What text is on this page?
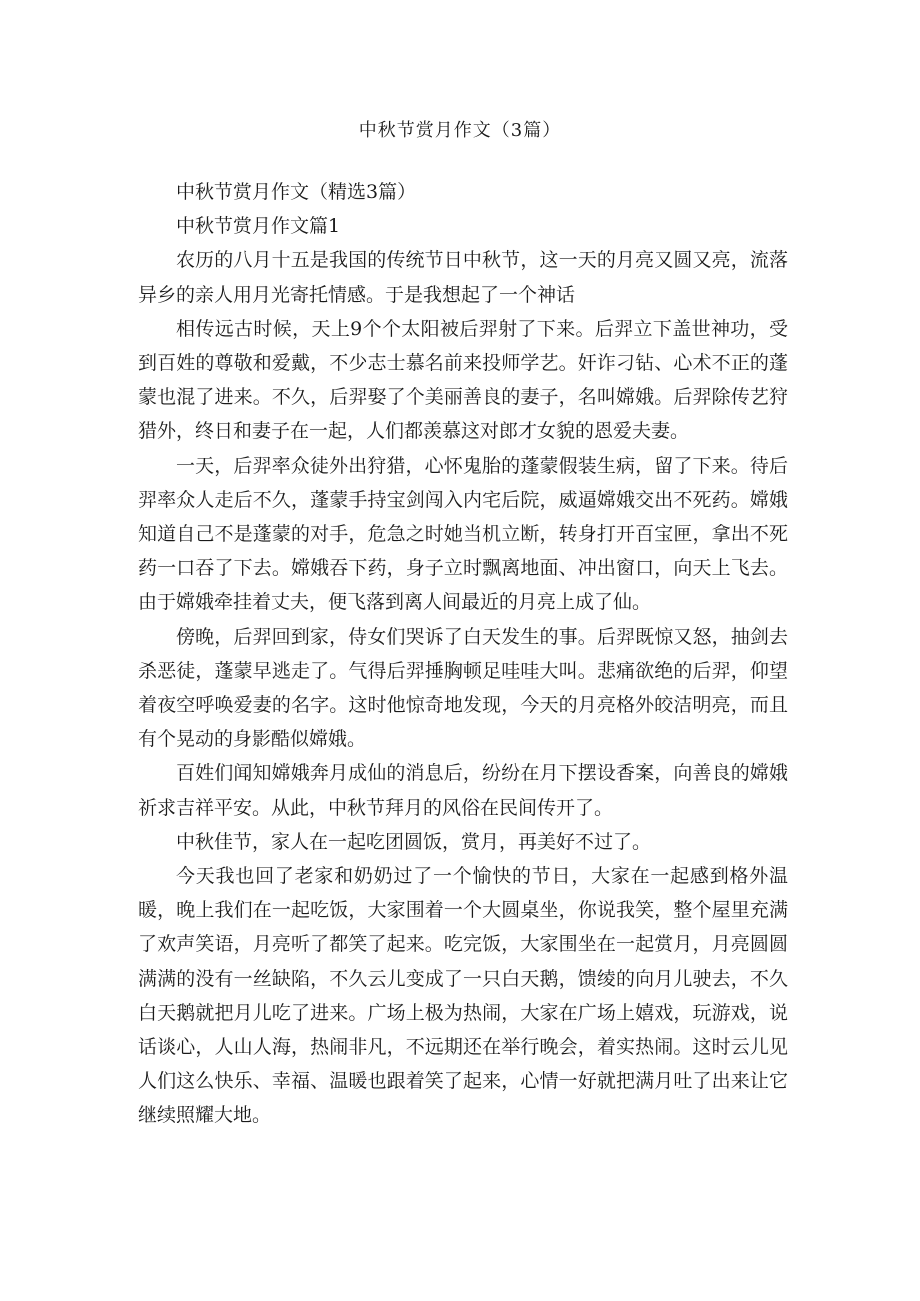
中秋节赏月作文（3篇）

中秋节赏月作文（精选3篇）

中秋节赏月作文篇1

农历的八月十五是我国的传统节日中秋节，这一天的月亮又圆又亮，流落异乡的亲人用月光寄托情感。于是我想起了一个神话

相传远古时候，天上9个个太阳被后羿射了下来。后羿立下盖世神功，受到百姓的尊敬和爱戴，不少志士慕名前来投师学艺。奸诈刁钻、心术不正的蓬蒙也混了进来。不久，后羿娶了个美丽善良的妻子，名叫嫦娥。后羿除传艺狩猎外，终日和妻子在一起，人们都羡慕这对郎才女貌的恩爱夫妻。

一天，后羿率众徒外出狩猎，心怀鬼胎的蓬蒙假装生病，留了下来。待后羿率众人走后不久，蓬蒙手持宝剑闯入内宅后院，威逼嫦娥交出不死药。嫦娥知道自己不是蓬蒙的对手，危急之时她当机立断，转身打开百宝匣，拿出不死药一口吞了下去。嫦娥吞下药，身子立时飘离地面、冲出窗口，向天上飞去。由于嫦娥牵挂着丈夫，便飞落到离人间最近的月亮上成了仙。

傍晚，后羿回到家，侍女们哭诉了白天发生的事。后羿既惊又怒，抽剑去杀恶徒，蓬蒙早逃走了。气得后羿捶胸顿足哇哇大叫。悲痛欲绝的后羿，仰望着夜空呼唤爱妻的名字。这时他惊奇地发现，今天的月亮格外皎洁明亮，而且有个晃动的身影酷似嫦娥。

百姓们闻知嫦娥奔月成仙的消息后，纷纷在月下摆设香案，向善良的嫦娥祈求吉祥平安。从此，中秋节拜月的风俗在民间传开了。

中秋佳节，家人在一起吃团圆饭，赏月，再美好不过了。

今天我也回了老家和奶奶过了一个愉快的节日，大家在一起感到格外温暖，晚上我们在一起吃饭，大家围着一个大圆桌坐，你说我笑，整个屋里充满了欢声笑语，月亮听了都笑了起来。吃完饭，大家围坐在一起赏月，月亮圆圆满满的没有一丝缺陷，不久云儿变成了一只白天鹅，馈绫的向月儿驶去，不久白天鹅就把月儿吃了进来。广场上极为热闹，大家在广场上嬉戏，玩游戏，说话谈心，人山人海，热闹非凡，不远期还在举行晚会，着实热闹。这时云儿见人们这么快乐、幸福、温暖也跟着笑了起来，心情一好就把满月吐了出来让它继续照耀大地。
